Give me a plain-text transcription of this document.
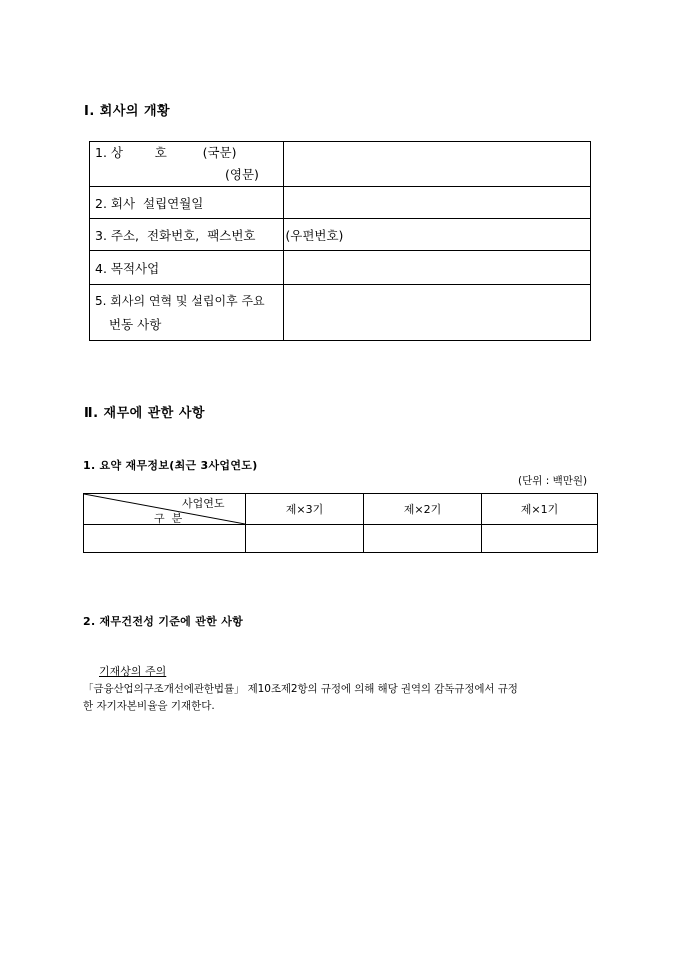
Ⅰ. 회사의 개황
1. 상        호         (국문)
(영문)	

2. 회사  설립연월일	
3. 주소,  전화번호,  팩스번호	(우편번호)
4. 목적사업	

5. 회사의 연혁 및 설립이후 주요
번동 사항	

Ⅱ. 재무에 관한 사항
1. 요약 재무정보(최근 3사업연도)
(단위 : 백만원)
사업연도
구  분	제×3기	제×2기	제×1기

2. 재무건전성 기준에 관한 사항
기재상의 주의
「금융산업의구조개선에관한법률」 제10조제2항의 규정에 의해 해당 권역의 감독규정에서 규정
한 자기자본비율을 기재한다.
